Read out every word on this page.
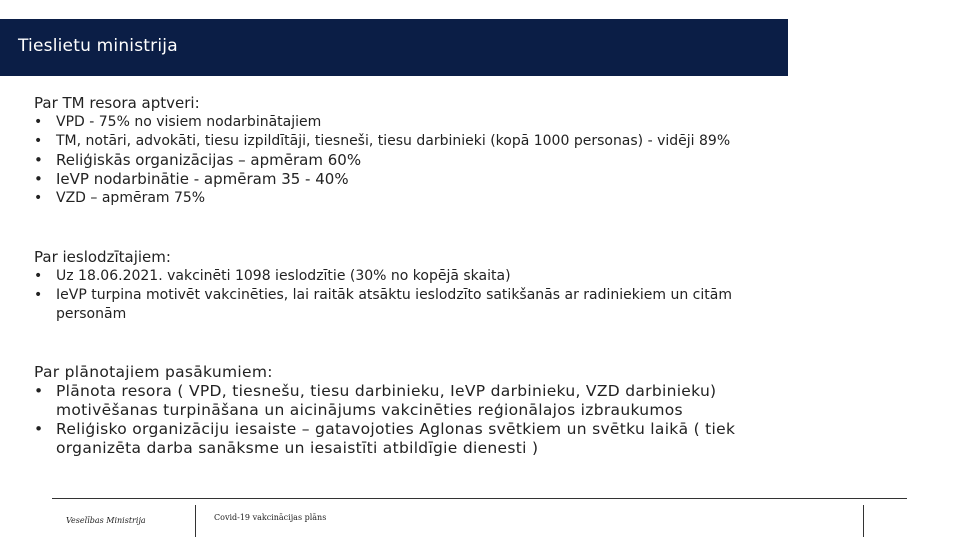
Tieslietu ministrija
Par TM resora aptveri:
• VPD - 75% no visiem nodarbinātajiem
• TM, notāri, advokāti, tiesu izpildītāji, tiesneši, tiesu darbinieki (kopā 1000 personas) - vidēji 89%
• Reliģiskās organizācijas – apmēram 60%
• IeVP nodarbinātie - apmēram 35 - 40%
• VZD – apmēram 75%
Par ieslodzītajiem:
• Uz 18.06.2021. vakcinēti 1098 ieslodzītie (30% no kopējā skaita)
• IeVP turpina motivēt vakcinēties, lai raitāk atsāktu ieslodzīto satikšanās ar radiniekiem un citām personām
Par plānotajiem pasākumiem:
• Plānota resora ( VPD, tiesnešu, tiesu darbinieku, IeVP darbinieku, VZD darbinieku) motivēšanas turpināšana un aicinājums vakcinēties reģionālajos izbraukumos
• Reliģisko organizāciju iesaiste – gatavojoties Aglonas svētkiem un svētku laikā ( tiek organizēta darba sanāksme un iesaistīti atbildīgie dienesti )
Veselības Ministrija	Covid-19 vakcinācijas plāns
